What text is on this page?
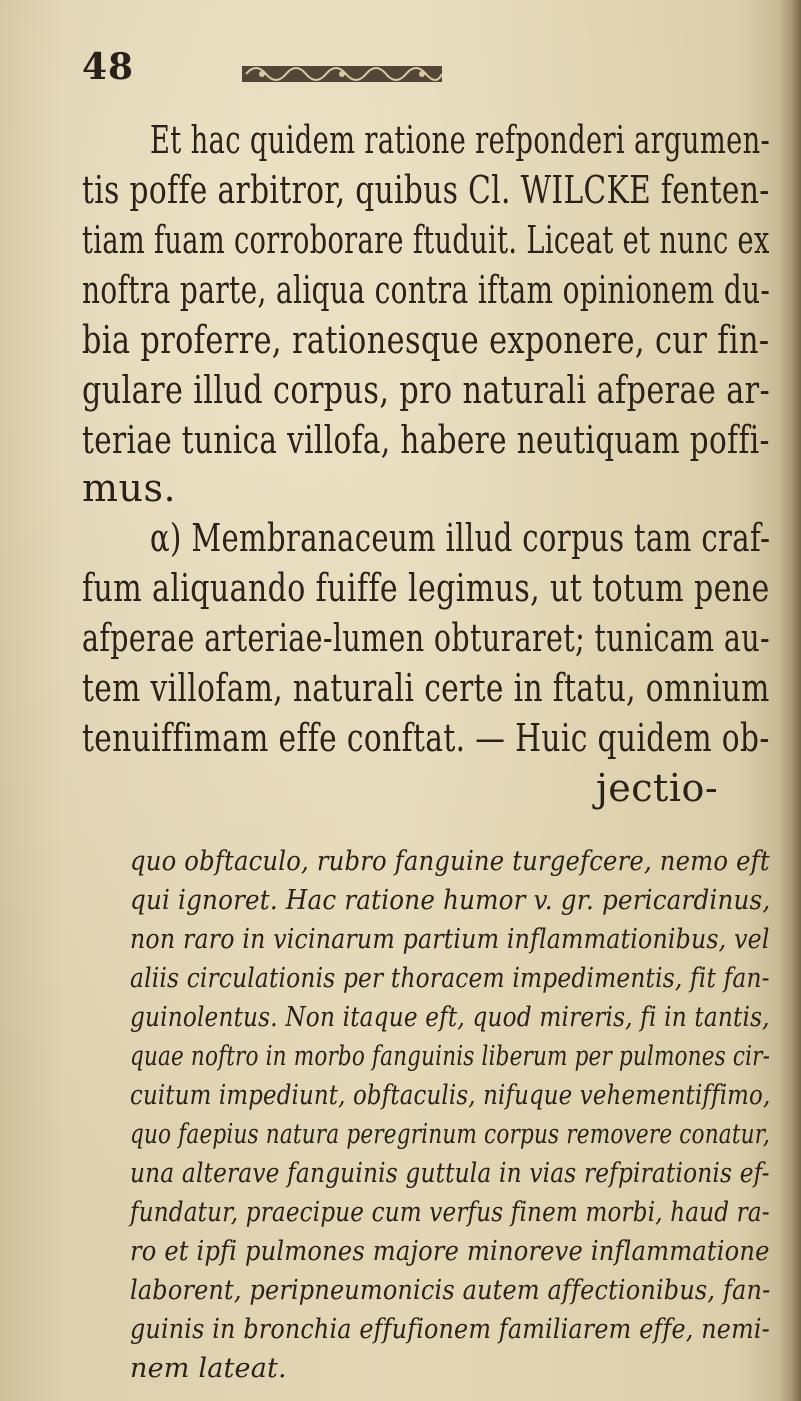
48
Et hac quidem ratione refponderi argumen-
tis poffe arbitror, quibus Cl. WILCKE fenten-
tiam fuam corroborare ftuduit. Liceat et nunc ex
noftra parte, aliqua contra iftam opinionem du-
bia proferre, rationesque exponere, cur fin-
gulare illud corpus, pro naturali afperae ar-
teriae tunica villofa, habere neutiquam poffi-
mus.
α) Membranaceum illud corpus tam craf-
fum aliquando fuiffe legimus, ut totum pene
afperae arteriae-lumen obturaret; tunicam au-
tem villofam, naturali certe in ftatu, omnium
tenuiffimam effe conftat. — Huic quidem ob-
jectio-
quo obftaculo, rubro fanguine turgefcere, nemo eft
qui ignoret. Hac ratione humor v. gr. pericardinus,
non raro in vicinarum partium inflammationibus, vel
aliis circulationis per thoracem impedimentis, fit fan-
guinolentus. Non itaque eft, quod mireris, fi in tantis,
quae noftro in morbo fanguinis liberum per pulmones cir-
cuitum impediunt, obftaculis, nifuque vehementiffimo,
quo faepius natura peregrinum corpus removere conatur,
una alterave fanguinis guttula in vias refpirationis ef-
fundatur, praecipue cum verfus finem morbi, haud ra-
ro et ipfi pulmones majore minoreve inflammatione
laborent, peripneumonicis autem affectionibus, fan-
guinis in bronchia effufionem familiarem effe, nemi-
nem lateat.
